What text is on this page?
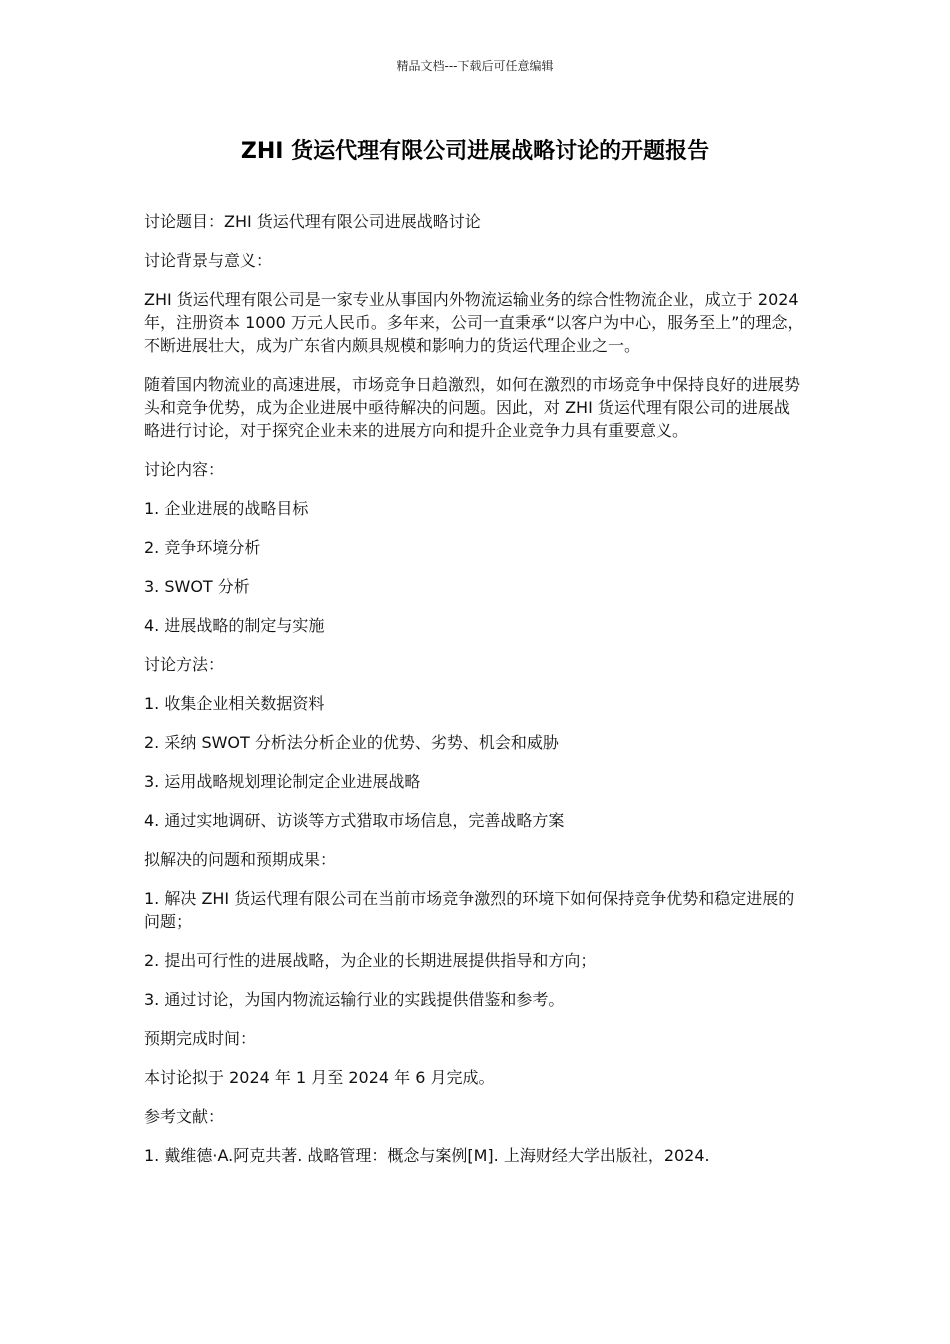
精品文档---下载后可任意编辑
ZHI 货运代理有限公司进展战略讨论的开题报告

讨论题目：ZHI 货运代理有限公司进展战略讨论

讨论背景与意义：

ZHI 货运代理有限公司是一家专业从事国内外物流运输业务的综合性物流企业，成立于 2024 年，注册资本 1000 万元人民币。多年来，公司一直秉承“以客户为中心，服务至上”的理念，不断进展壮大，成为广东省内颇具规模和影响力的货运代理企业之一。

随着国内物流业的高速进展，市场竞争日趋激烈，如何在激烈的市场竞争中保持良好的进展势头和竞争优势，成为企业进展中亟待解决的问题。因此，对 ZHI 货运代理有限公司的进展战略进行讨论，对于探究企业未来的进展方向和提升企业竞争力具有重要意义。

讨论内容：

1. 企业进展的战略目标

2. 竞争环境分析

3. SWOT 分析

4. 进展战略的制定与实施

讨论方法：

1. 收集企业相关数据资料

2. 采纳 SWOT 分析法分析企业的优势、劣势、机会和威胁

3. 运用战略规划理论制定企业进展战略

4. 通过实地调研、访谈等方式猎取市场信息，完善战略方案

拟解决的问题和预期成果：

1. 解决 ZHI 货运代理有限公司在当前市场竞争激烈的环境下如何保持竞争优势和稳定进展的问题；

2. 提出可行性的进展战略，为企业的长期进展提供指导和方向；

3. 通过讨论，为国内物流运输行业的实践提供借鉴和参考。

预期完成时间：

本讨论拟于 2024 年 1 月至 2024 年 6 月完成。

参考文献：

1. 戴维德·A.阿克共著. 战略管理：概念与案例[M]. 上海财经大学出版社，2024.
